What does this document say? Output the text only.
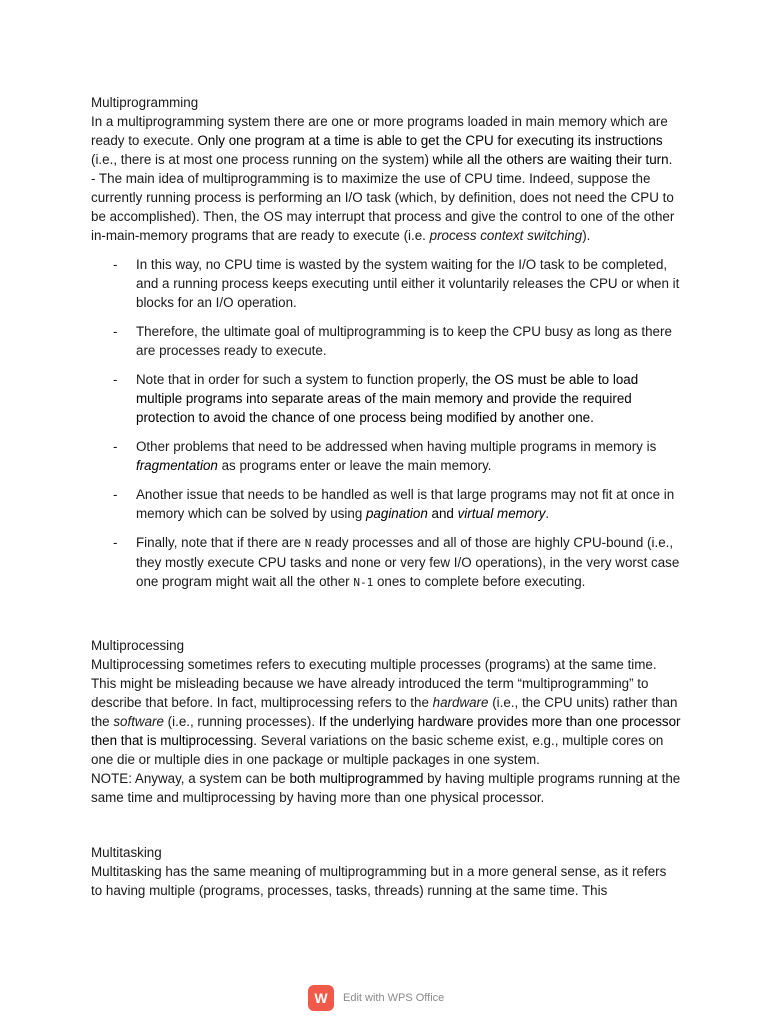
Multiprogramming

In a multiprogramming system there are one or more programs loaded in main memory which are ready to execute. Only one program at a time is able to get the CPU for executing its instructions (i.e., there is at most one process running on the system) while all the others are waiting their turn.

- The main idea of multiprogramming is to maximize the use of CPU time. Indeed, suppose the currently running process is performing an I/O task (which, by definition, does not need the CPU to be accomplished). Then, the OS may interrupt that process and give the control to one of the other in-main-memory programs that are ready to execute (i.e. process context switching).

- In this way, no CPU time is wasted by the system waiting for the I/O task to be completed, and a running process keeps executing until either it voluntarily releases the CPU or when it blocks for an I/O operation.
- Therefore, the ultimate goal of multiprogramming is to keep the CPU busy as long as there are processes ready to execute.
- Note that in order for such a system to function properly, the OS must be able to load multiple programs into separate areas of the main memory and provide the required protection to avoid the chance of one process being modified by another one.
- Other problems that need to be addressed when having multiple programs in memory is fragmentation as programs enter or leave the main memory.
- Another issue that needs to be handled as well is that large programs may not fit at once in memory which can be solved by using pagination and virtual memory.
- Finally, note that if there are N ready processes and all of those are highly CPU-bound (i.e., they mostly execute CPU tasks and none or very few I/O operations), in the very worst case one program might wait all the other N-1 ones to complete before executing.
Multiprocessing

Multiprocessing sometimes refers to executing multiple processes (programs) at the same time. This might be misleading because we have already introduced the term “multiprogramming” to describe that before. In fact, multiprocessing refers to the hardware (i.e., the CPU units) rather than the software (i.e., running processes). If the underlying hardware provides more than one processor then that is multiprocessing. Several variations on the basic scheme exist, e.g., multiple cores on one die or multiple dies in one package or multiple packages in one system.

NOTE: Anyway, a system can be both multiprogrammed by having multiple programs running at the same time and multiprocessing by having more than one physical processor.

Multitasking

Multitasking has the same meaning of multiprogramming but in a more general sense, as it refers to having multiple (programs, processes, tasks, threads) running at the same time. This

W	Edit with WPS Office
